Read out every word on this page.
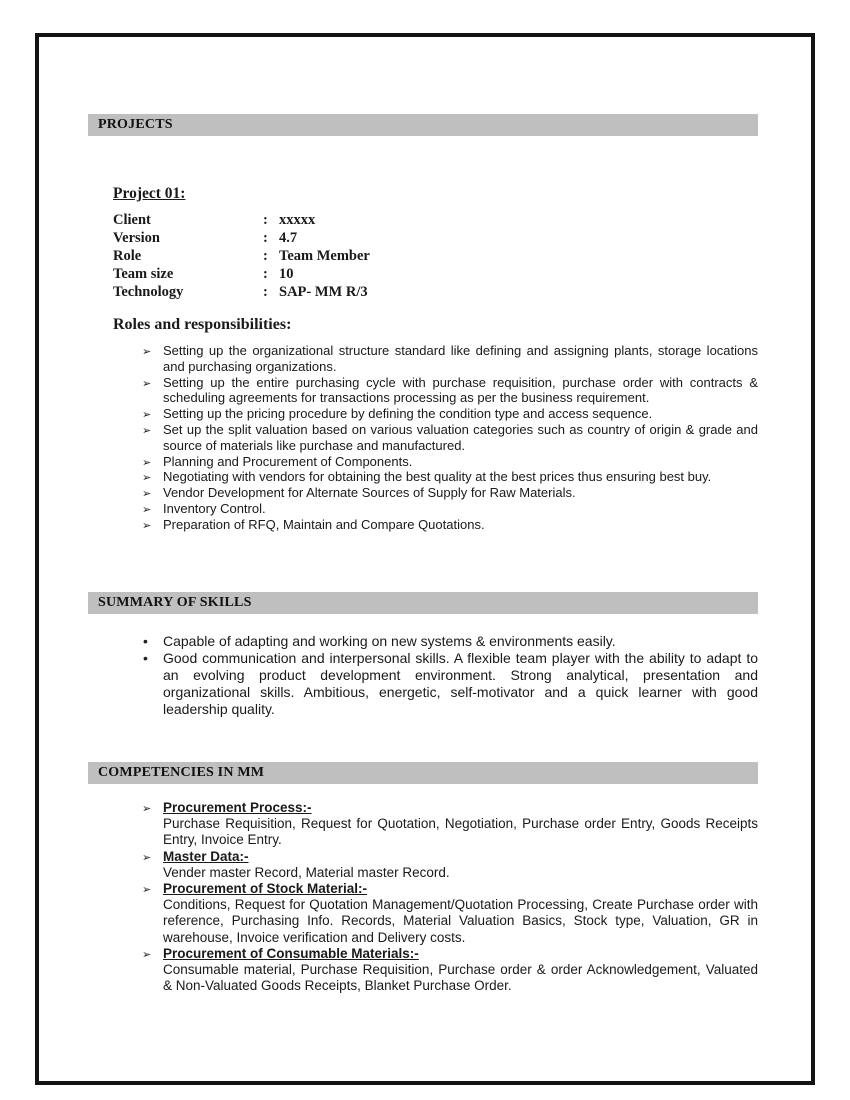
PROJECTS
Project 01:
Client	: xxxxx
Version	: 4.7
Role	: Team Member
Team size	: 10
Technology	: SAP- MM R/3
Roles and responsibilities:
➢ Setting up the organizational structure standard like defining and assigning plants, storage locations and purchasing organizations.
➢ Setting up the entire purchasing cycle with purchase requisition, purchase order with contracts & scheduling agreements for transactions processing as per the business requirement.
➢ Setting up the pricing procedure by defining the condition type and access sequence.
➢ Set up the split valuation based on various valuation categories such as country of origin & grade and source of materials like purchase and manufactured.
➢ Planning and Procurement of Components.
➢ Negotiating with vendors for obtaining the best quality at the best prices thus ensuring best buy.
➢ Vendor Development for Alternate Sources of Supply for Raw Materials.
➢ Inventory Control.
➢ Preparation of RFQ, Maintain and Compare Quotations.
SUMMARY OF SKILLS
• Capable of adapting and working on new systems & environments easily.
• Good communication and interpersonal skills. A flexible team player with the ability to adapt to an evolving product development environment. Strong analytical, presentation and organizational skills. Ambitious, energetic, self-motivator and a quick learner with good leadership quality.
COMPETENCIES IN MM
➢ Procurement Process:-
Purchase Requisition, Request for Quotation, Negotiation, Purchase order Entry, Goods Receipts Entry, Invoice Entry.
➢ Master Data:-
Vender master Record, Material master Record.
➢ Procurement of Stock Material:-
Conditions, Request for Quotation Management/Quotation Processing, Create Purchase order with reference, Purchasing Info. Records, Material Valuation Basics, Stock type, Valuation, GR in warehouse, Invoice verification and Delivery costs.
➢ Procurement of Consumable Materials:-
Consumable material, Purchase Requisition, Purchase order & order Acknowledgement, Valuated & Non-Valuated Goods Receipts, Blanket Purchase Order.
